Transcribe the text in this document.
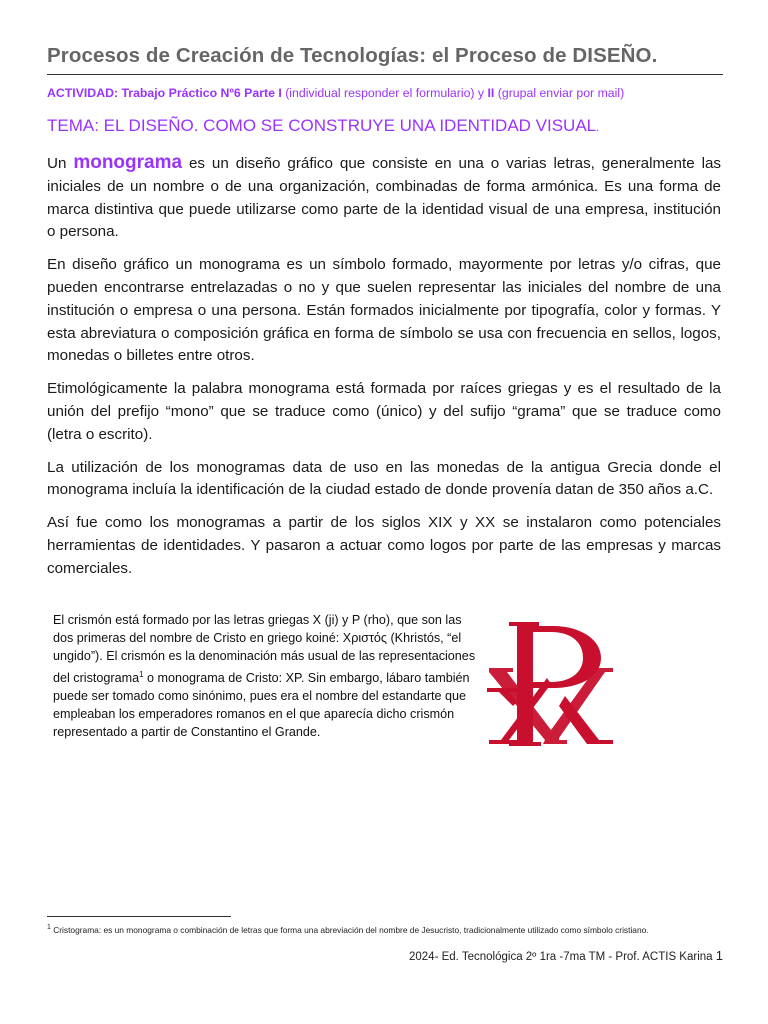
Procesos de Creación de Tecnologías: el Proceso de DISEÑO.
ACTIVIDAD: Trabajo Práctico Nº6 Parte I (individual responder el formulario) y II (grupal enviar por mail)
TEMA: EL DISEÑO. COMO SE CONSTRUYE UNA IDENTIDAD VISUAL.

Un monograma es un diseño gráfico que consiste en una o varias letras, generalmente las iniciales de un nombre o de una organización, combinadas de forma armónica. Es una forma de marca distintiva que puede utilizarse como parte de la identidad visual de una empresa, institución o persona.

En diseño gráfico un monograma es un símbolo formado, mayormente por letras y/o cifras, que pueden encontrarse entrelazadas o no y que suelen representar las iniciales del nombre de una institución o empresa o una persona. Están formados inicialmente por tipografía, color y formas. Y esta abreviatura o composición gráfica en forma de símbolo se usa con frecuencia en sellos, logos, monedas o billetes entre otros.

Etimológicamente la palabra monograma está formada por raíces griegas y es el resultado de la unión del prefijo “mono” que se traduce como (único) y del sufijo “grama” que se traduce como (letra o escrito).

La utilización de los monogramas data de uso en las monedas de la antigua Grecia donde el monograma incluía la identificación de la ciudad estado de donde provenía datan de 350 años a.C.

Así fue como los monogramas a partir de los siglos XIX y XX se instalaron como potenciales herramientas de identidades. Y pasaron a actuar como logos por parte de las empresas y marcas comerciales.

El crismón está formado por las letras griegas X (ji) y P (rho), que son las dos primeras del nombre de Cristo en griego koiné: Χριστός (Khristós, “el ungido”). El crismón es la denominación más usual de las representaciones del cristograma$^1$ o monograma de Cristo: XP. Sin embargo, lábaro también puede ser tomado como sinónimo, pues era el nombre del estandarte que empleaban los emperadores romanos en el que aparecía dicho crismón representado a partir de Constantino el Grande.
$^1$ Cristograma: es un monograma o combinación de letras que forma una abreviación del nombre de Jesucristo, tradicionalmente utilizado como símbolo cristiano.
2024- Ed. Tecnológica 2º 1ra -7ma TM - Prof. ACTIS Karina 1
